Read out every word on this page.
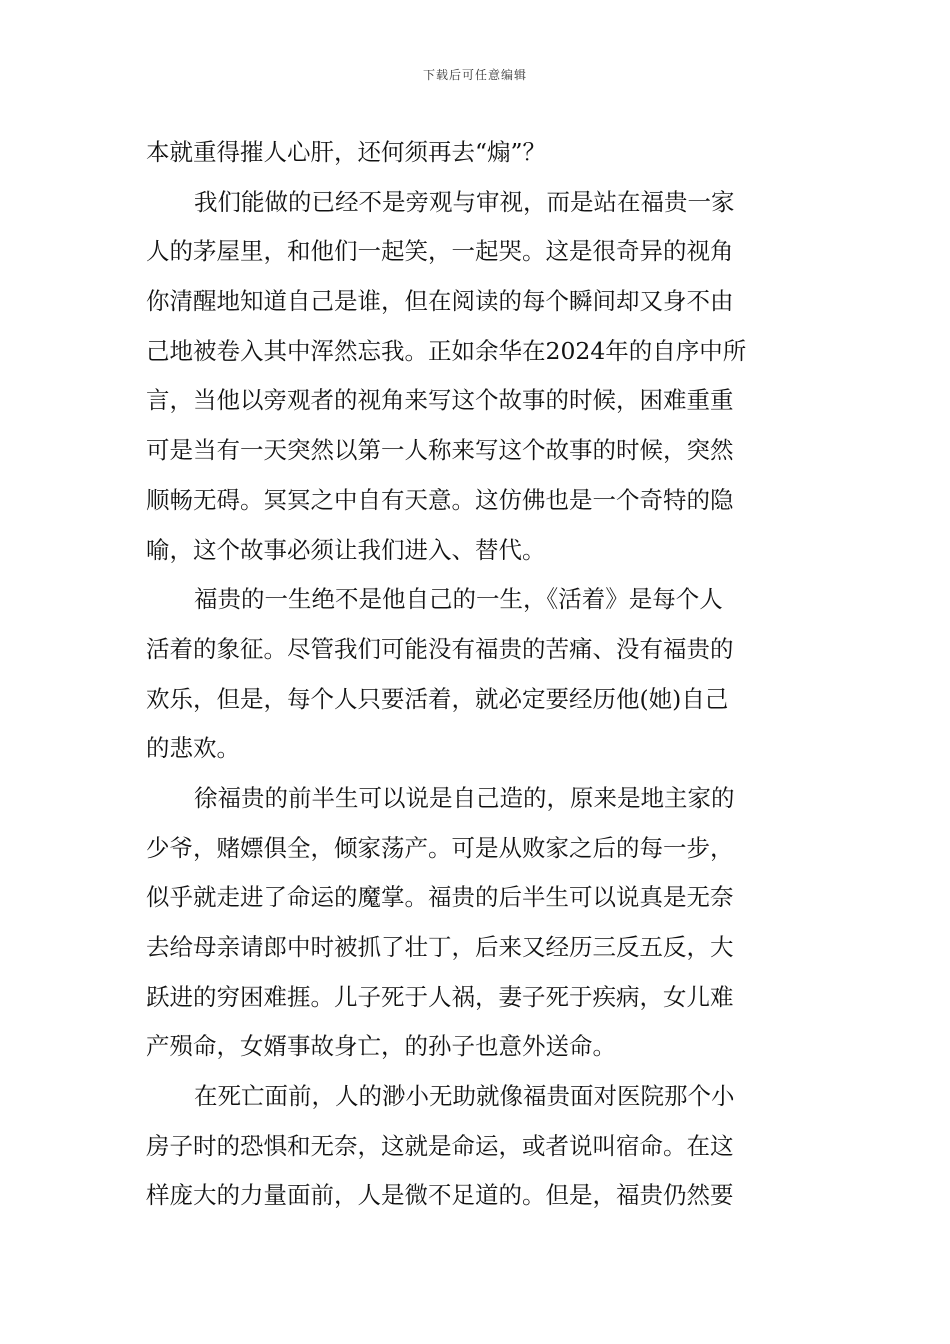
下载后可任意编辑
本就重得摧人心肝，还何须再去“煽”？
我们能做的已经不是旁观与审视，而是站在福贵一家
人的茅屋里，和他们一起笑，一起哭。这是很奇异的视角
你清醒地知道自己是谁，但在阅读的每个瞬间却又身不由
己地被卷入其中浑然忘我。正如余华在2024年的自序中所
言，当他以旁观者的视角来写这个故事的时候，困难重重
可是当有一天突然以第一人称来写这个故事的时候，突然
顺畅无碍。冥冥之中自有天意。这仿佛也是一个奇特的隐
喻，这个故事必须让我们进入、替代。
福贵的一生绝不是他自己的一生，《活着》是每个人
活着的象征。尽管我们可能没有福贵的苦痛、没有福贵的
欢乐，但是，每个人只要活着，就必定要经历他(她)自己
的悲欢。
徐福贵的前半生可以说是自己造的，原来是地主家的
少爷，赌嫖俱全，倾家荡产。可是从败家之后的每一步，
似乎就走进了命运的魔掌。福贵的后半生可以说真是无奈
去给母亲请郎中时被抓了壮丁，后来又经历三反五反，大
跃进的穷困难捱。儿子死于人祸，妻子死于疾病，女儿难
产殒命，女婿事故身亡，的孙子也意外送命。
在死亡面前，人的渺小无助就像福贵面对医院那个小
房子时的恐惧和无奈，这就是命运，或者说叫宿命。在这
样庞大的力量面前，人是微不足道的。但是，福贵仍然要
